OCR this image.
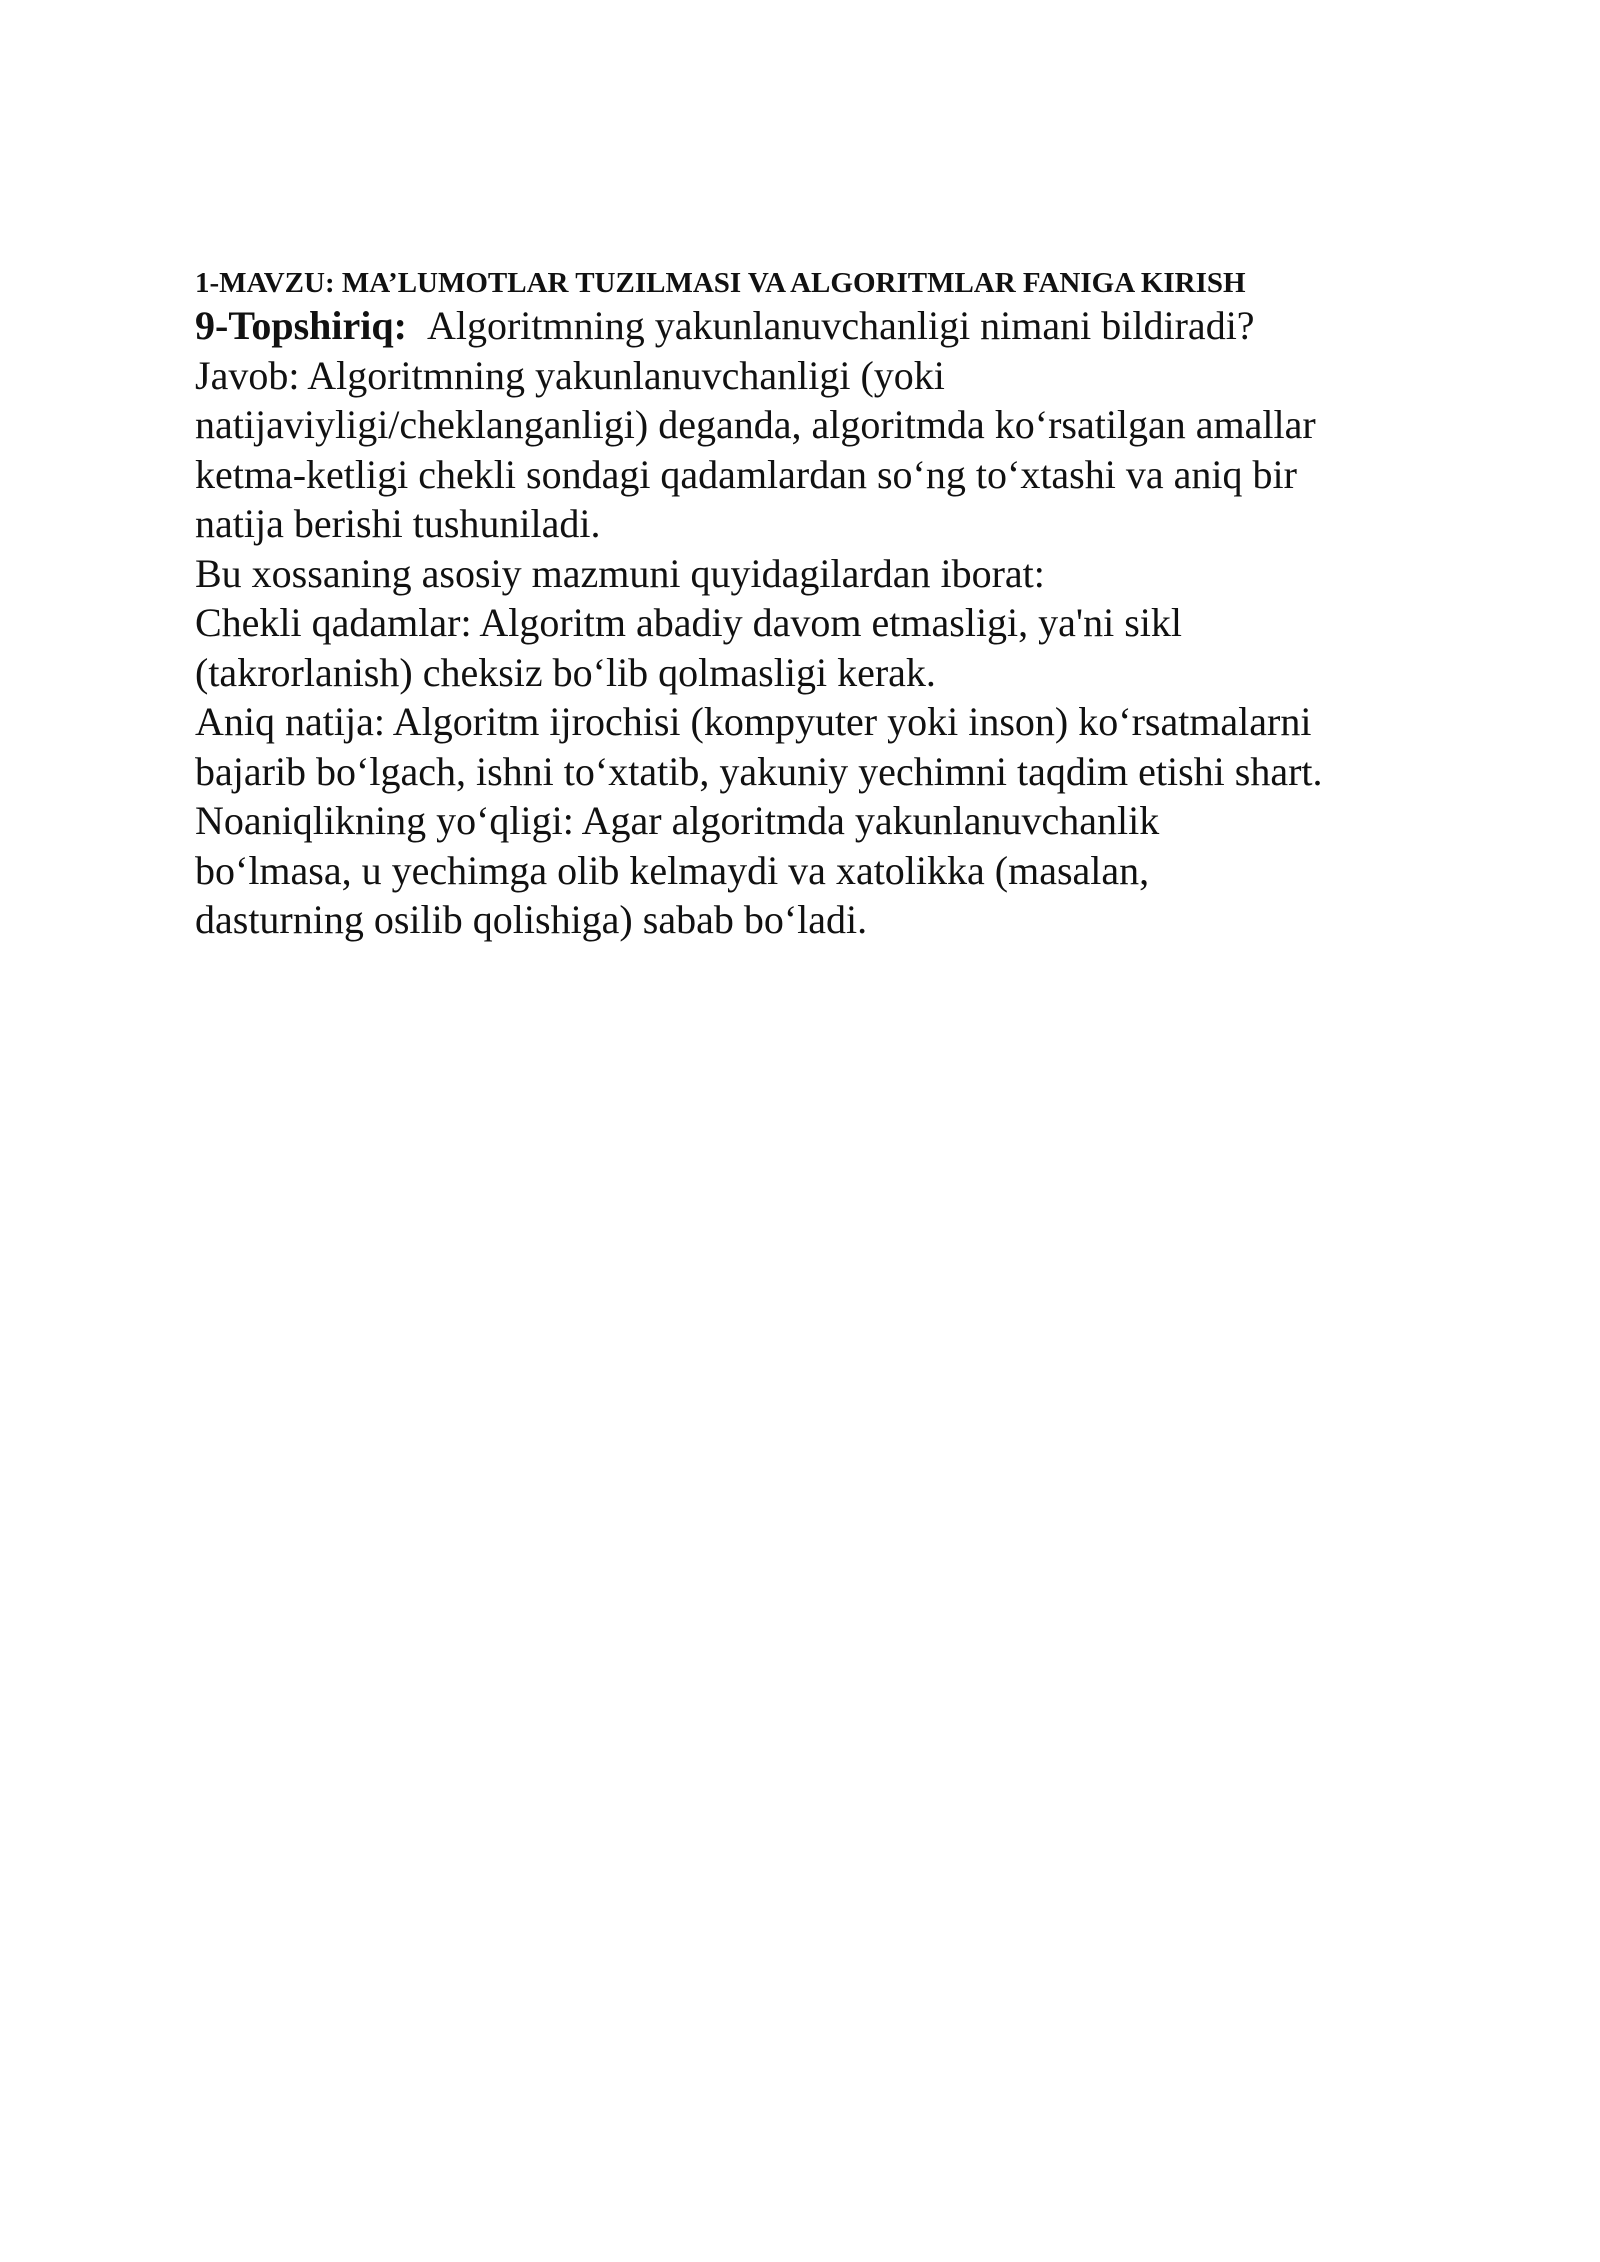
1-MAVZU: MA’LUMOTLAR TUZILMASI VA ALGORITMLAR FANIGA KIRISH
9-Topshiriq: Algoritmning yakunlanuvchanligi nimani bildiradi?
Javob: Algoritmning yakunlanuvchanligi (yoki
natijaviyligi/cheklanganligi) deganda, algoritmda ko‘rsatilgan amallar
ketma-ketligi chekli sondagi qadamlardan so‘ng to‘xtashi va aniq bir
natija berishi tushuniladi.
Bu xossaning asosiy mazmuni quyidagilardan iborat:
Chekli qadamlar: Algoritm abadiy davom etmasligi, ya'ni sikl
(takrorlanish) cheksiz bo‘lib qolmasligi kerak.
Aniq natija: Algoritm ijrochisi (kompyuter yoki inson) ko‘rsatmalarni
bajarib bo‘lgach, ishni to‘xtatib, yakuniy yechimni taqdim etishi shart.
Noaniqlikning yo‘qligi: Agar algoritmda yakunlanuvchanlik
bo‘lmasa, u yechimga olib kelmaydi va xatolikka (masalan,
dasturning osilib qolishiga) sabab bo‘ladi.
